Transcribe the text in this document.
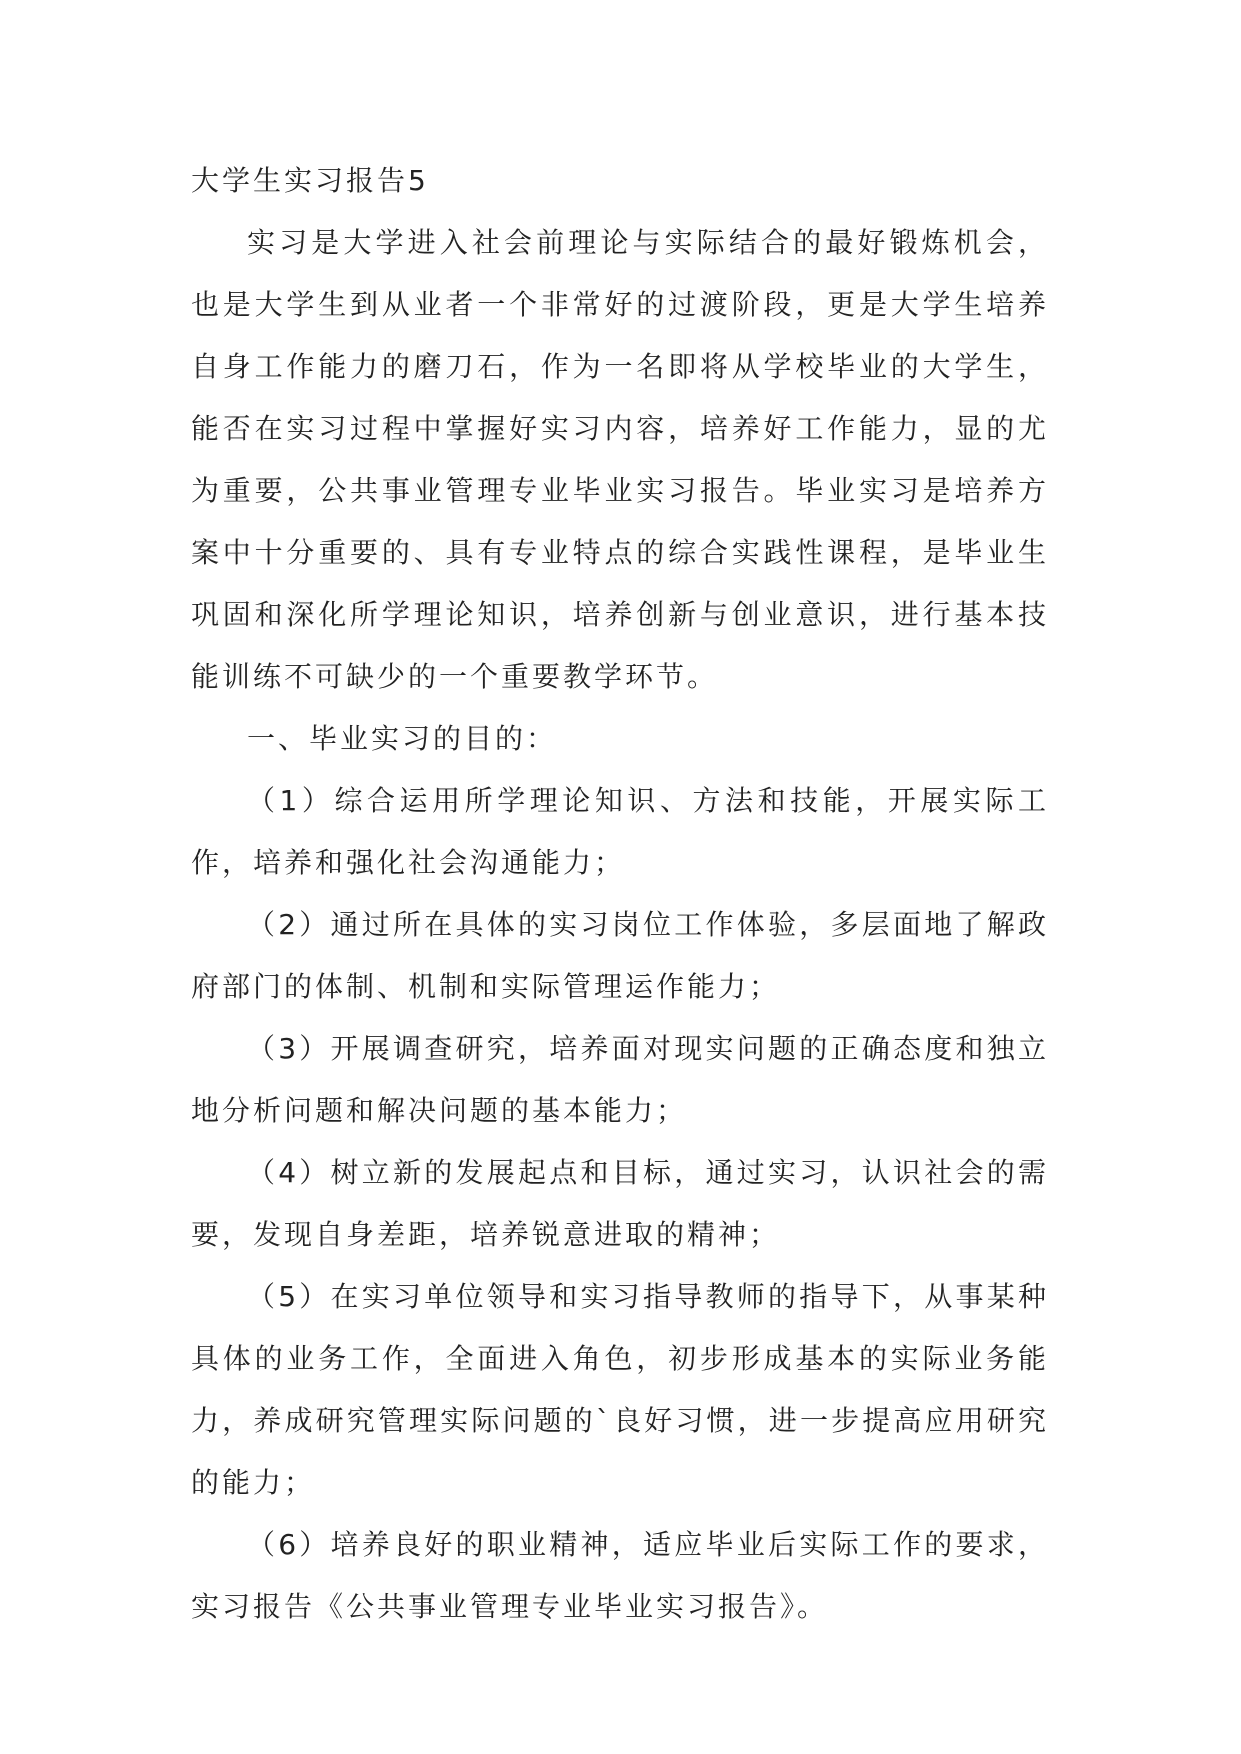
大学生实习报告5

实习是大学进入社会前理论与实际结合的最好锻炼机会，也是大学生到从业者一个非常好的过渡阶段，更是大学生培养自身工作能力的磨刀石，作为一名即将从学校毕业的大学生，能否在实习过程中掌握好实习内容，培养好工作能力，显的尤为重要，公共事业管理专业毕业实习报告。毕业实习是培养方案中十分重要的、具有专业特点的综合实践性课程，是毕业生巩固和深化所学理论知识，培养创新与创业意识，进行基本技能训练不可缺少的一个重要教学环节。

一、毕业实习的目的：

（1）综合运用所学理论知识、方法和技能，开展实际工作，培养和强化社会沟通能力；

（2）通过所在具体的实习岗位工作体验，多层面地了解政府部门的体制、机制和实际管理运作能力；

（3）开展调查研究，培养面对现实问题的正确态度和独立地分析问题和解决问题的基本能力；

（4）树立新的发展起点和目标，通过实习，认识社会的需要，发现自身差距，培养锐意进取的精神；

（5）在实习单位领导和实习指导教师的指导下，从事某种具体的业务工作，全面进入角色，初步形成基本的实际业务能力，养成研究管理实际问题的`良好习惯，进一步提高应用研究的能力；

（6）培养良好的职业精神，适应毕业后实际工作的要求，实习报告《公共事业管理专业毕业实习报告》。
